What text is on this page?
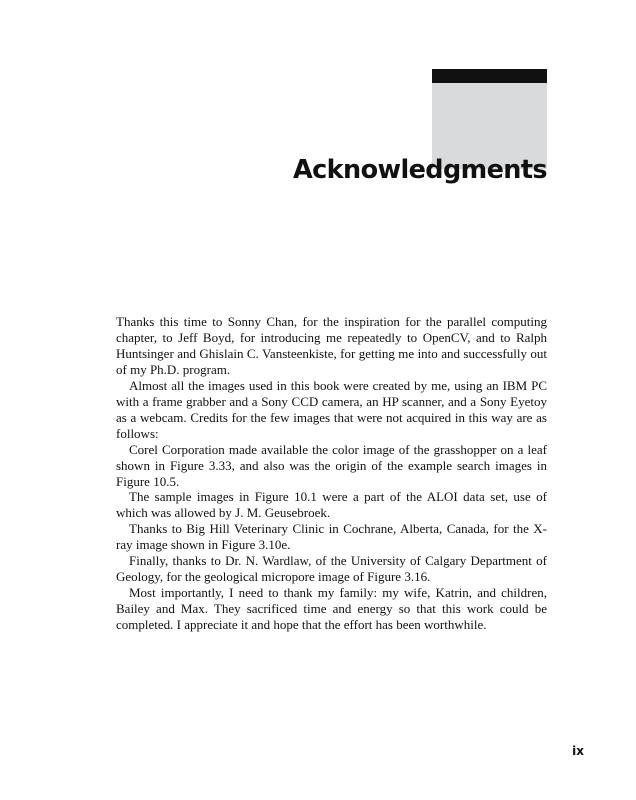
Acknowledgments

Thanks this time to Sonny Chan, for the inspiration for the parallel computing chapter, to Jeff Boyd, for introducing me repeatedly to OpenCV, and to Ralph Huntsinger and Ghislain C. Vansteenkiste, for getting me into and successfully out of my Ph.D. program.

Almost all the images used in this book were created by me, using an IBM PC with a frame grabber and a Sony CCD camera, an HP scanner, and a Sony Eyetoy as a webcam. Credits for the few images that were not acquired in this way are as follows:

Corel Corporation made available the color image of the grasshopper on a leaf shown in Figure 3.33, and also was the origin of the example search images in Figure 10.5.

The sample images in Figure 10.1 were a part of the ALOI data set, use of which was allowed by J. M. Geusebroek.

Thanks to Big Hill Veterinary Clinic in Cochrane, Alberta, Canada, for the X-ray image shown in Figure 3.10e.

Finally, thanks to Dr. N. Wardlaw, of the University of Calgary Department of Geology, for the geological micropore image of Figure 3.16.

Most importantly, I need to thank my family: my wife, Katrin, and children, Bailey and Max. They sacrificed time and energy so that this work could be completed. I appreciate it and hope that the effort has been worthwhile.

ix
